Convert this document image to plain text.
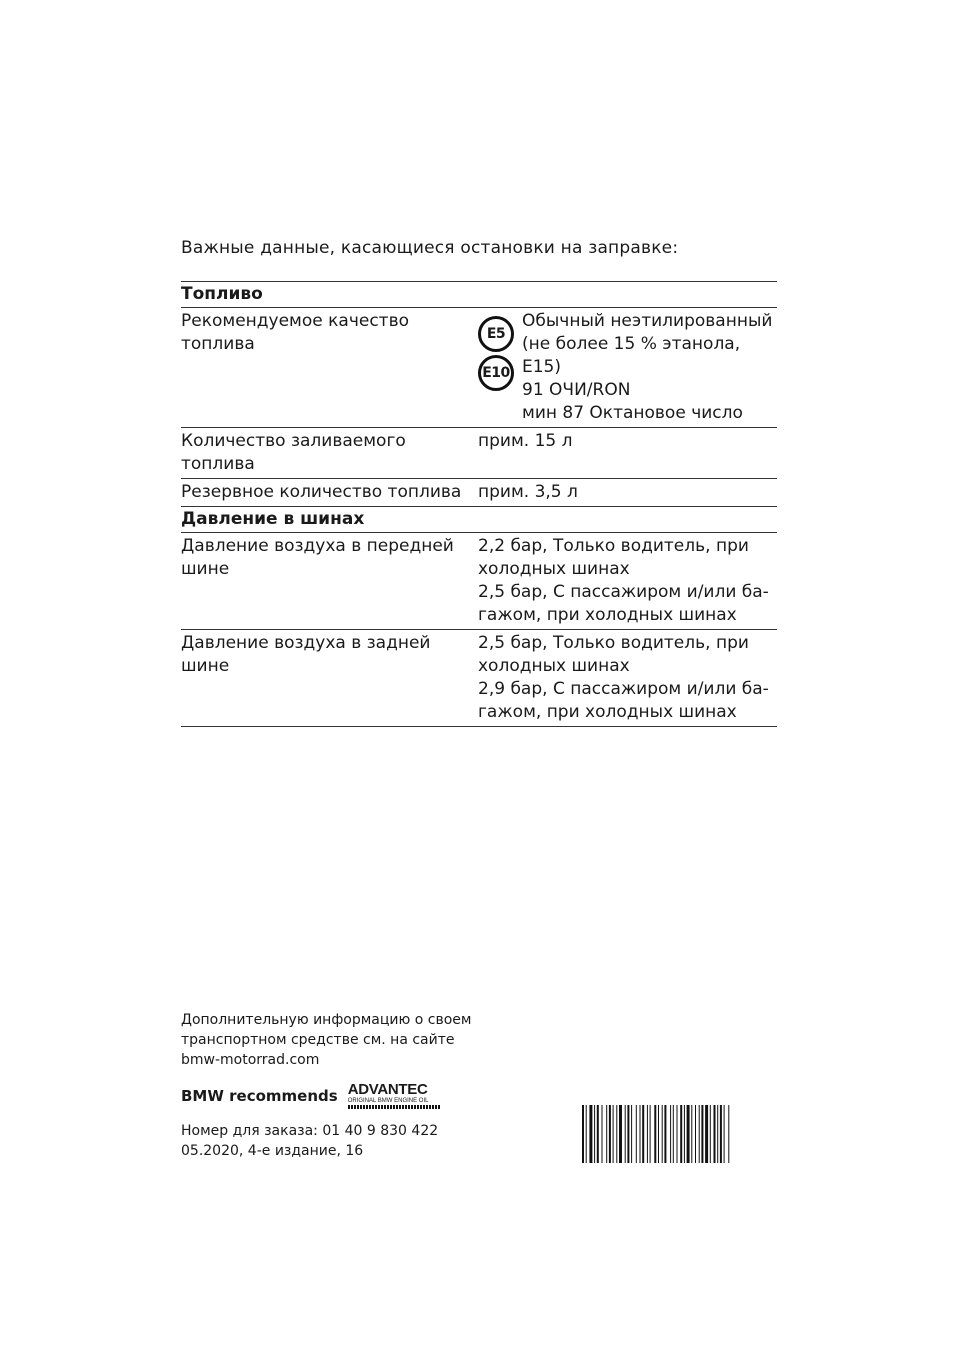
Важные данные, касающиеся остановки на заправке:
Топливо
Рекомендуемое качество топлива
E5
E10
Обычный неэтилированный
(не более 15 % этанола,
E15)
91 ОЧИ/RON
мин 87 Октановое число
Количество заливаемого топлива
прим. 15 л
Резервное количество топлива прим. 3,5 л
Давление в шинах
Давление воздуха в передней
шине
2,2 бар, Только водитель, при
холодных шинах
2,5 бар, С пассажиром и/или ба-
гажом, при холодных шинах
Давление воздуха в задней шине
2,5 бар, Только водитель, при
холодных шинах
2,9 бар, С пассажиром и/или ба-
гажом, при холодных шинах
Дополнительную информацию о своем
транспортном средстве см. на сайте
bmw-motorrad.com
BMW recommends ADVANTEC
ORIGINAL BMW ENGINE OIL
Номер для заказа: 01 40 9 830 422
05.2020, 4-е издание, 16
